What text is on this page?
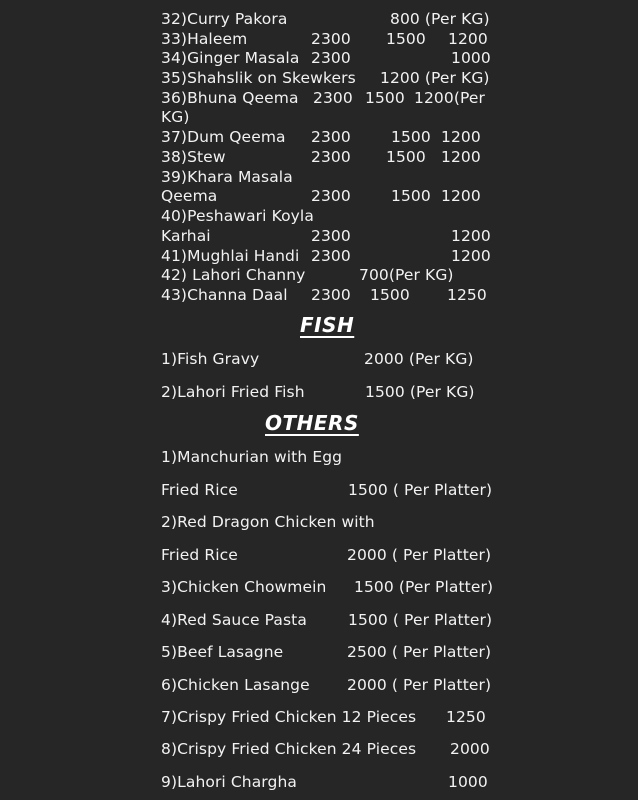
32)Curry Pakora	800 (Per KG)
33)Haleem	2300 1500 1200
34)Ginger Masala 2300	1000
35)Shahslik on Skewkers 1200 (Per KG)
36)Bhuna Qeema 2300 1500 1200(Per
KG)
37)Dum Qeema 2300	1500 1200
38)Stew	2300 1500 1200
39)Khara Masala
Qeema	2300	1500 1200
40)Peshawari Koyla
Karhai	2300	1200
41)Mughlai Handi 2300	1200
42) Lahori Channy	700(Per KG)
43)Channa Daal 2300 1500 1250
FISH
1)Fish Gravy	2000 (Per KG)
2)Lahori Fried Fish	1500 (Per KG)
OTHERS
1)Manchurian with Egg
Fried Rice	1500 ( Per Platter)
2)Red Dragon Chicken with
Fried Rice	2000 ( Per Platter)
3)Chicken Chowmein 1500 (Per Platter)
4)Red Sauce Pasta	1500 ( Per Platter)
5)Beef Lasagne	2500 ( Per Platter)
6)Chicken Lasange 2000 ( Per Platter)
7)Crispy Fried Chicken 12 Pieces 1250
8)Crispy Fried Chicken 24 Pieces 2000
9)Lahori Chargha	1000
